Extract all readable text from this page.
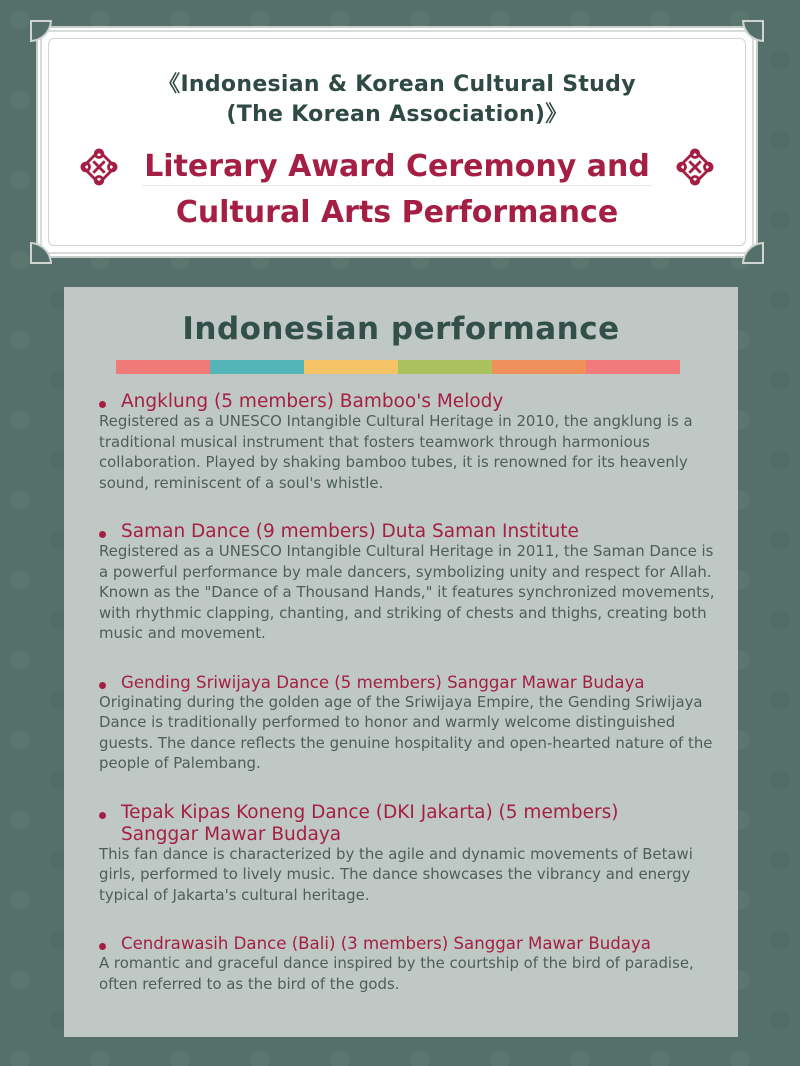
《Indonesian & Korean Cultural Study
(The Korean Association)》
Literary Award Ceremony and
Cultural Arts Performance
Indonesian performance
Angklung (5 members) Bamboo's Melody
Registered as a UNESCO Intangible Cultural Heritage in 2010, the angklung is a traditional musical instrument that fosters teamwork through harmonious collaboration. Played by shaking bamboo tubes, it is renowned for its heavenly sound, reminiscent of a soul's whistle.
Saman Dance (9 members) Duta Saman Institute
Registered as a UNESCO Intangible Cultural Heritage in 2011, the Saman Dance is a powerful performance by male dancers, symbolizing unity and respect for Allah. Known as the "Dance of a Thousand Hands," it features synchronized movements, with rhythmic clapping, chanting, and striking of chests and thighs, creating both music and movement.
Gending Sriwijaya Dance (5 members) Sanggar Mawar Budaya
Originating during the golden age of the Sriwijaya Empire, the Gending Sriwijaya Dance is traditionally performed to honor and warmly welcome distinguished guests. The dance reflects the genuine hospitality and open-hearted nature of the people of Palembang.
Tepak Kipas Koneng Dance (DKI Jakarta) (5 members) Sanggar Mawar Budaya
This fan dance is characterized by the agile and dynamic movements of Betawi girls, performed to lively music. The dance showcases the vibrancy and energy typical of Jakarta's cultural heritage.
Cendrawasih Dance (Bali) (3 members) Sanggar Mawar Budaya
A romantic and graceful dance inspired by the courtship of the bird of paradise, often referred to as the bird of the gods.
